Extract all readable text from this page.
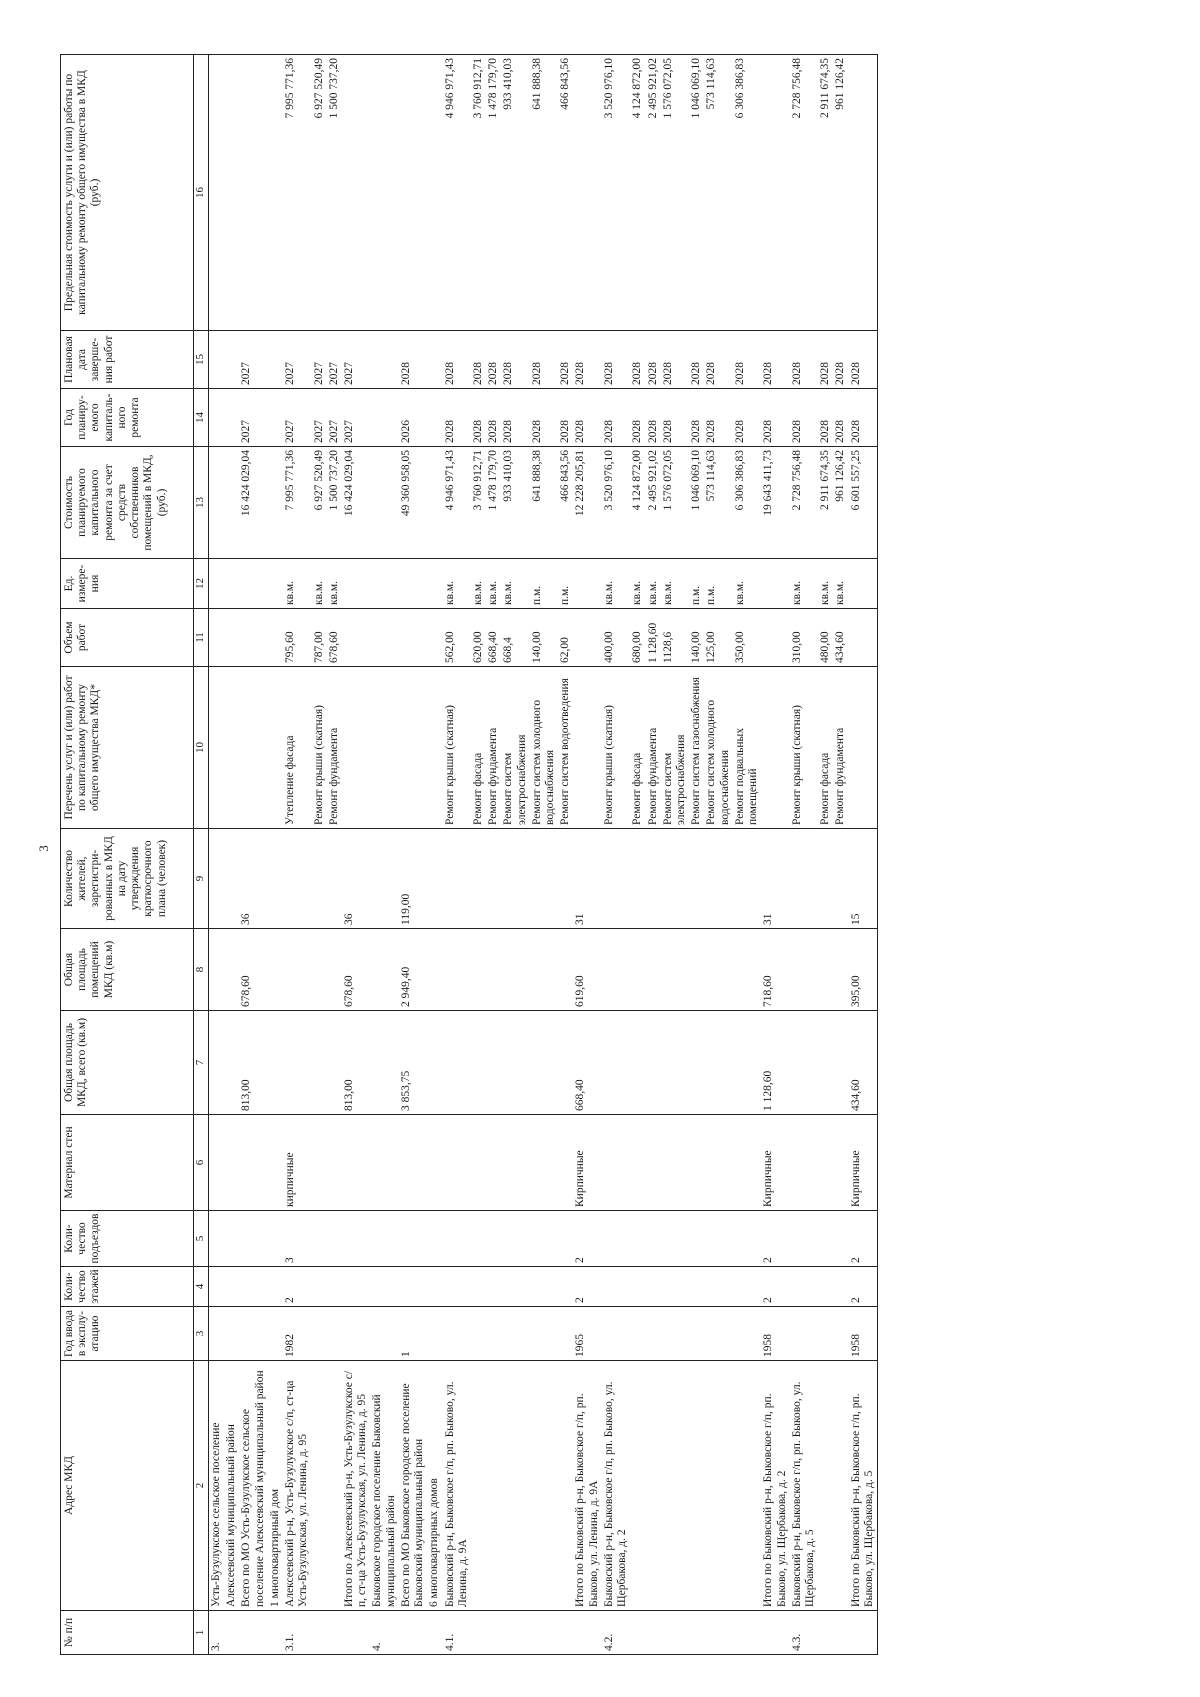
3
№ п/п	Адрес МКД	Год ввода в эксплу-атацию	Коли-чество этажей	Коли-чество подъездов	Материал стен	Общая площадь МКД, всего (кв.м)	Общая площадь помещений МКД (кв.м)	Количество жителей, зарегистри-рованных в МКД на дату утверждения краткосрочного плана (человек)	Перечень услуг и (или) работ по капитальному ремонту общего имущества МКД*	Объем работ	Ед. измере-ния	Стоимость планируемого капитального ремонта за счет средств собственников помещений в МКД, (руб.)	Год планиру-емого капиталь-ного ремонта	Плановая дата заверше-ния работ	Предельная стоимость услуги и (или) работы по капитальному ремонту общего имущества в МКД (руб.)
1	2	3	4	5	6	7	8	9	10	11	12	13	14	15	16
3.	Усть-Бузулукское сельское поселение														
	Алексеевский муниципальный район														
	Всего по МО Усть-Бузулукское сельское поселение Алексеевский муниципальный район					813,00	678,60	36				16 424 029,04	2027	2027	
	1 многоквартирный дом														
3.1.	Алексеевский р-н, Усть-Бузулукское с/п, ст-ца Усть-Бузулукская, ул. Ленина, д. 95	1982	2	3	кирпичные				Утепление фасада	795,60	кв.м.	7 995 771,36	2027	2027	7 995 771,36
									Ремонт крыши (скатная)	787,00	кв.м.	6 927 520,49	2027	2027	6 927 520,49
									Ремонт фундамента	678,60	кв.м.	1 500 737,20	2027	2027	1 500 737,20
	Итого по Алексеевский р-н, Усть-Бузулукское с/п, ст-ца Усть-Бузулукская, ул. Ленина, д. 95					813,00	678,60	36				16 424 029,04	2027	2027	
4.	Быковское городское поселение Быковский муниципальный район														
	Всего по МО Быковское городское поселение Быковский муниципальный район	1				3 853,75	2 949,40	119,00				49 360 958,05	2026	2028	
	6 многоквартирных домов														
4.1.	Быковский р-н, Быковское г/п, рп. Быково, ул. Ленина, д. 9А								Ремонт крыши (скатная)	562,00	кв.м.	4 946 971,43	2028	2028	4 946 971,43
									Ремонт фасада	620,00	кв.м.	3 760 912,71	2028	2028	3 760 912,71
									Ремонт фундамента	668,40	кв.м.	1 478 179,70	2028	2028	1 478 179,70
									Ремонт систем электроснабжения	668,4	кв.м.	933 410,03	2028	2028	933 410,03
									Ремонт систем холодного водоснабжения	140,00	п.м.	641 888,38	2028	2028	641 888,38
									Ремонт систем водоотведения	62,00	п.м.	466 843,56	2028	2028	466 843,56
	Итого по Быковский р-н, Быковское г/п, рп. Быково, ул. Ленина, д. 9А	1965	2	2	Кирпичные	668,40	619,60	31				12 228 205,81	2028	2028	
4.2.	Быковский р-н, Быковское г/п, рп. Быково, ул. Щербакова, д. 2								Ремонт крыши (скатная)	400,00	кв.м.	3 520 976,10	2028	2028	3 520 976,10
									Ремонт фасада	680,00	кв.м.	4 124 872,00	2028	2028	4 124 872,00
									Ремонт фундамента	1 128,60	кв.м.	2 495 921,02	2028	2028	2 495 921,02
									Ремонт систем электроснабжения	1128,6	кв.м.	1 576 072,05	2028	2028	1 576 072,05
									Ремонт систем газоснабжения	140,00	п.м.	1 046 069,10	2028	2028	1 046 069,10
									Ремонт систем холодного водоснабжения	125,00	п.м.	573 114,63	2028	2028	573 114,63
									Ремонт подвальных помещений	350,00	кв.м.	6 306 386,83	2028	2028	6 306 386,83
	Итого по Быковский р-н, Быковское г/п, рп. Быково, ул. Щербакова, д. 2	1958	2	2	Кирпичные	1 128,60	718,60	31				19 643 411,73	2028	2028	
4.3.	Быковский р-н, Быковское г/п, рп. Быково, ул. Щербакова, д. 5								Ремонт крыши (скатная)	310,00	кв.м.	2 728 756,48	2028	2028	2 728 756,48
									Ремонт фасада	480,00	кв.м.	2 911 674,35	2028	2028	2 911 674,35
									Ремонт фундамента	434,60	кв.м.	961 126,42	2028	2028	961 126,42
	Итого по Быковский р-н, Быковское г/п, рп. Быково, ул. Щербакова, д. 5	1958	2	2	Кирпичные	434,60	395,00	15				6 601 557,25	2028	2028	
